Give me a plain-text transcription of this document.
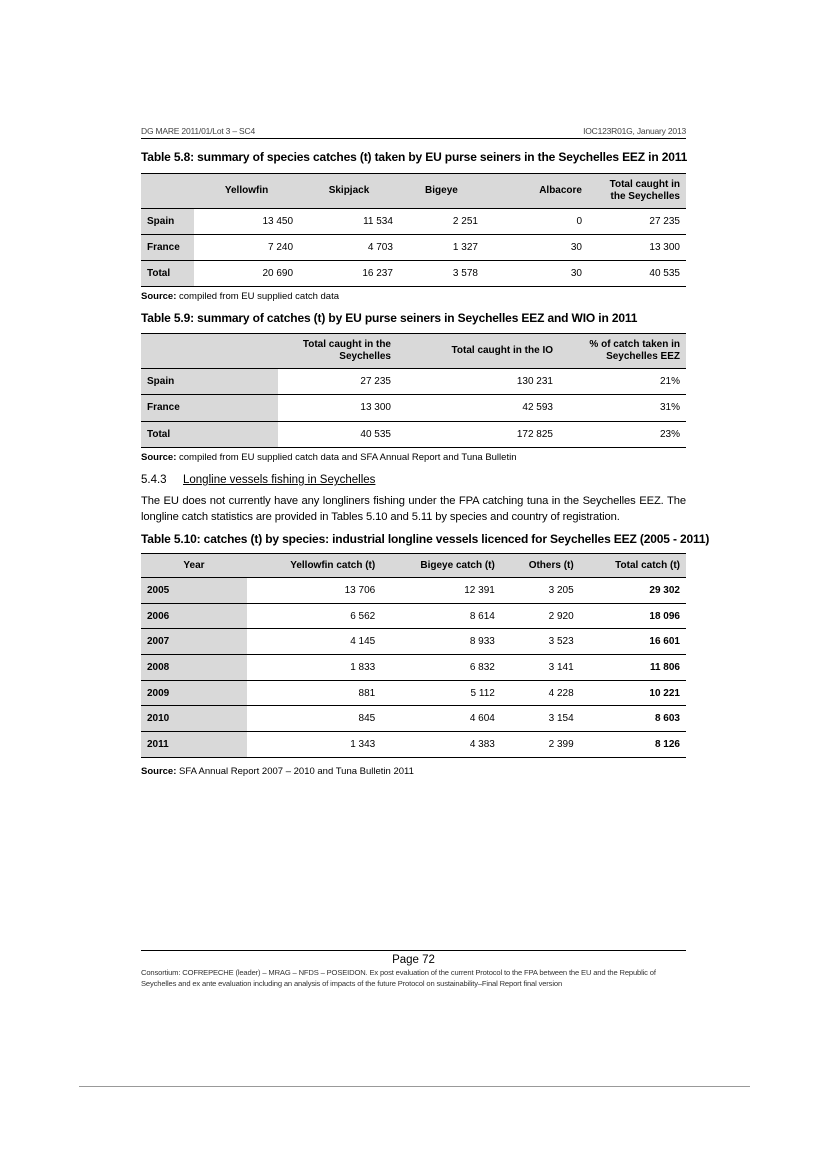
DG MARE 2011/01/Lot 3 – SC4	IOC123R01G, January 2013
Table 5.8: summary of species catches (t) taken by EU purse seiners in the Seychelles EEZ in 2011
	Yellowfin	Skipjack	Bigeye	Albacore	Total caught in the Seychelles
Spain	13 450	11 534	2 251	0	27 235
France	7 240	4 703	1 327	30	13 300
Total	20 690	16 237	3 578	30	40 535
Source: compiled from EU supplied catch data
Table 5.9: summary of catches (t) by EU purse seiners in Seychelles EEZ and WIO in 2011
	Total caught in the Seychelles	Total caught in the IO	% of catch taken in Seychelles EEZ
Spain	27 235	130 231	21%
France	13 300	42 593	31%
Total	40 535	172 825	23%
Source: compiled from EU supplied catch data and SFA Annual Report and Tuna Bulletin
5.4.3 Longline vessels fishing in Seychelles
The EU does not currently have any longliners fishing under the FPA catching tuna in the Seychelles EEZ. The longline catch statistics are provided in Tables 5.10 and 5.11 by species and country of registration.
Table 5.10: catches (t) by species: industrial longline vessels licenced for Seychelles EEZ (2005 - 2011)
Year	Yellowfin catch (t)	Bigeye catch (t)	Others (t)	Total catch (t)
2005	13 706	12 391	3 205	29 302
2006	6 562	8 614	2 920	18 096
2007	4 145	8 933	3 523	16 601
2008	1 833	6 832	3 141	11 806
2009	881	5 112	4 228	10 221
2010	845	4 604	3 154	8 603
2011	1 343	4 383	2 399	8 126
Source: SFA Annual Report 2007 – 2010 and Tuna Bulletin 2011
Page 72
Consortium: COFREPECHE (leader) – MRAG – NFDS – POSEIDON. Ex post evaluation of the current Protocol to the FPA between the EU and the Republic of Seychelles and ex ante evaluation including an analysis of impacts of the future Protocol on sustainability–Final Report final version
